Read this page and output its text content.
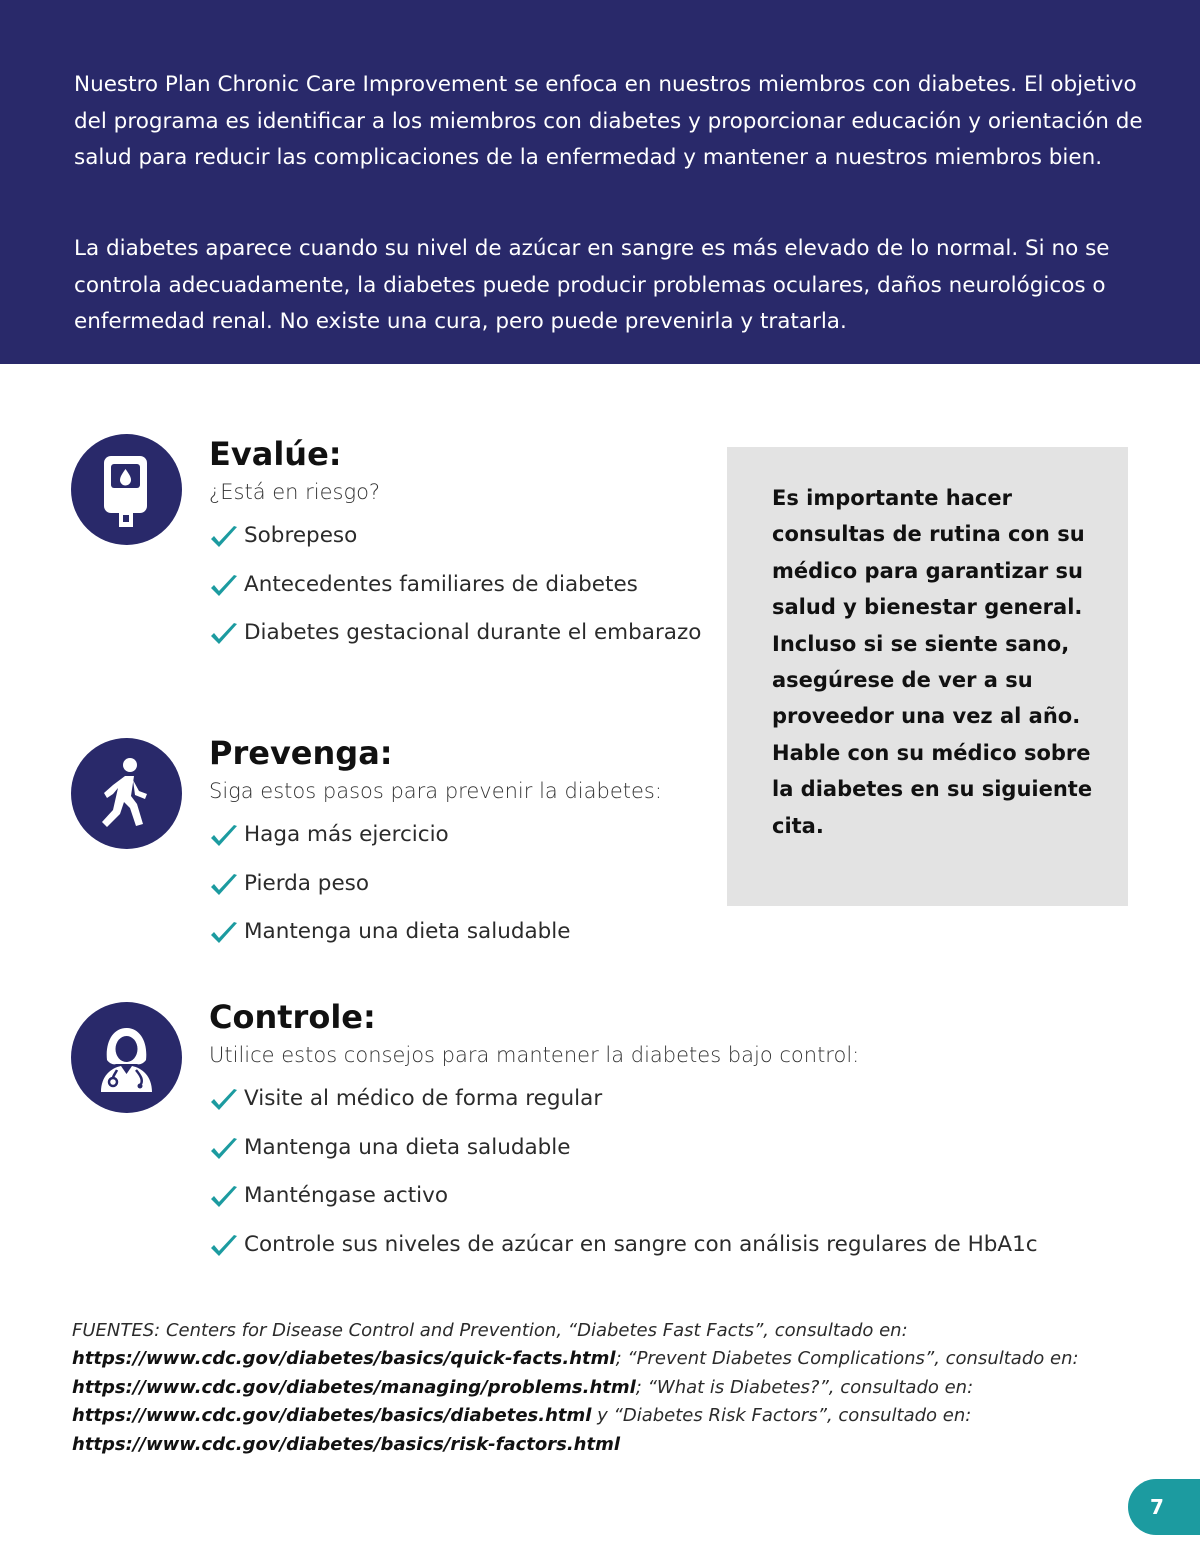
Nuestro Plan Chronic Care Improvement se enfoca en nuestros miembros con diabetes. El objetivo del programa es identificar a los miembros con diabetes y proporcionar educación y orientación de salud para reducir las complicaciones de la enfermedad y mantener a nuestros miembros bien.

La diabetes aparece cuando su nivel de azúcar en sangre es más elevado de lo normal. Si no se controla adecuadamente, la diabetes puede producir problemas oculares, daños neurológicos o enfermedad renal. No existe una cura, pero puede prevenirla y tratarla.

Evalúe:
¿Está en riesgo?
Sobrepeso
Antecedentes familiares de diabetes
Diabetes gestacional durante el embarazo
Prevenga:
Siga estos pasos para prevenir la diabetes:
Haga más ejercicio
Pierda peso
Mantenga una dieta saludable
Controle:
Utilice estos consejos para mantener la diabetes bajo control:
Visite al médico de forma regular
Mantenga una dieta saludable
Manténgase activo
Controle sus niveles de azúcar en sangre con análisis regulares de HbA1c

Es importante hacer consultas de rutina con su médico para garantizar su salud y bienestar general. Incluso si se siente sano, asegúrese de ver a su proveedor una vez al año. Hable con su médico sobre la diabetes en su siguiente cita.

FUENTES: Centers for Disease Control and Prevention, “Diabetes Fast Facts”, consultado en: https://www.cdc.gov/diabetes/basics/quick-facts.html; “Prevent Diabetes Complications”, consultado en: https://www.cdc.gov/diabetes/managing/problems.html; “What is Diabetes?”, consultado en: https://www.cdc.gov/diabetes/basics/diabetes.html y “Diabetes Risk Factors”, consultado en: https://www.cdc.gov/diabetes/basics/risk-factors.html

7
